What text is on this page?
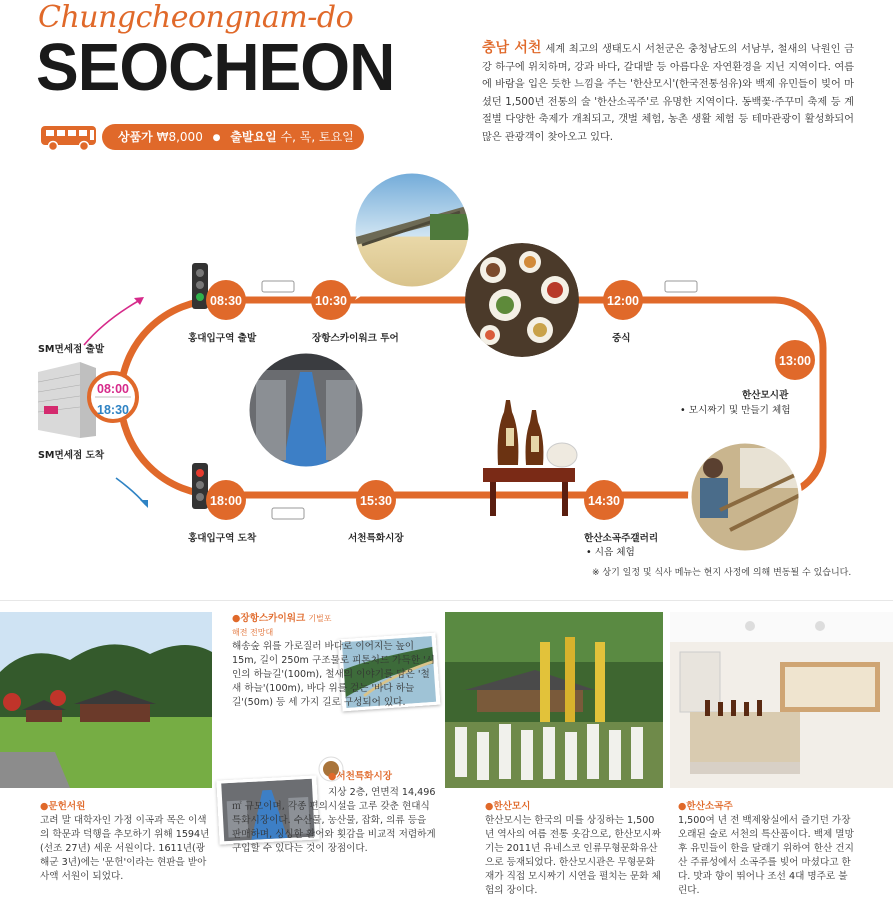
Chungcheongnam-do
SEOCHEON
상품가 ₩8,000 ● 출발요일 수, 목, 토요일
충남 서천 세계 최고의 생태도시 서천군은 충청남도의 서남부, 철새의 낙원인 금강 하구에 위치하며, 강과 바다, 갈대밭 등 아름다운 자연환경을 지닌 지역이다. 여름에 바람을 입은 듯한 느낌을 주는 '한산모시'(한국전통섬유)와 백제 유민들이 빚어 마셨던 1,500년 전통의 술 '한산소곡주'로 유명한 지역이다. 동백꽃·주꾸미 축제 등 계절별 다양한 축제가 개최되고, 갯벌 체험, 농촌 생활 체험 등 테마관광이 활성화되어 많은 관광객이 찾아오고 있다.
08:00
18:30
08:30	10:30	12:00
13:00
14:30
15:30
18:00
SM면세점 출발
SM면세점 도착
홍대입구역 출발	장항스카이워크 투어	중식
한산모시관
• 모시짜기 및 만들기 체험
한산소곡주갤러리
• 시음 체험
서천특화시장
홍대입구역 도착
※ 상기 일정 및 식사 메뉴는 현지 사정에 의해 변동될 수 있습니다.
●문헌서원
고려 말 대학자인 가정 이곡과 목은 이색의 학문과 덕행을 추모하기 위해 1594년(선조 27년) 세운 서원이다. 1611년(광해군 3년)에는 '문헌'이라는 현판을 받아 사액 서원이 되었다.
●장항스카이워크 기벌포 해전 전망대
해송숲 위를 가로질러 바다로 이어지는 높이 15m, 길이 250m 구조물로 피톤치드 가득한 '시인의 하늘길'(100m), 철새의 이야기를 담은 '철새 하늘'(100m), 바다 위를 걷는 '바다 하늘길'(50m) 등 세 가지 길로 구성되어 있다.
●서천특화시장
지상 2층, 연면적 14,496㎡ 규모이며, 각종 편의시설을 고루 갖춘 현대식 특화시장이다. 수산물, 농산물, 잡화, 의류 등을 판매하며, 싱싱한 활어와 횟감을 비교적 저렴하게 구입할 수 있다는 것이 장점이다.
●한산모시
한산모시는 한국의 미를 상징하는 1,500년 역사의 여름 전통 옷감으로, 한산모시짜기는 2011년 유네스코 인류무형문화유산으로 등재되었다. 한산모시관은 무형문화재가 직접 모시짜기 시연을 펼치는 문화 체험의 장이다.
●한산소곡주
1,500여 년 전 백제왕실에서 즐기던 가장 오래된 술로 서천의 특산품이다. 백제 멸망 후 유민들이 한을 달래기 위하여 한산 건지산 주류성에서 소곡주를 빚어 마셨다고 한다. 맛과 향이 뛰어나 조선 4대 명주로 불린다.
